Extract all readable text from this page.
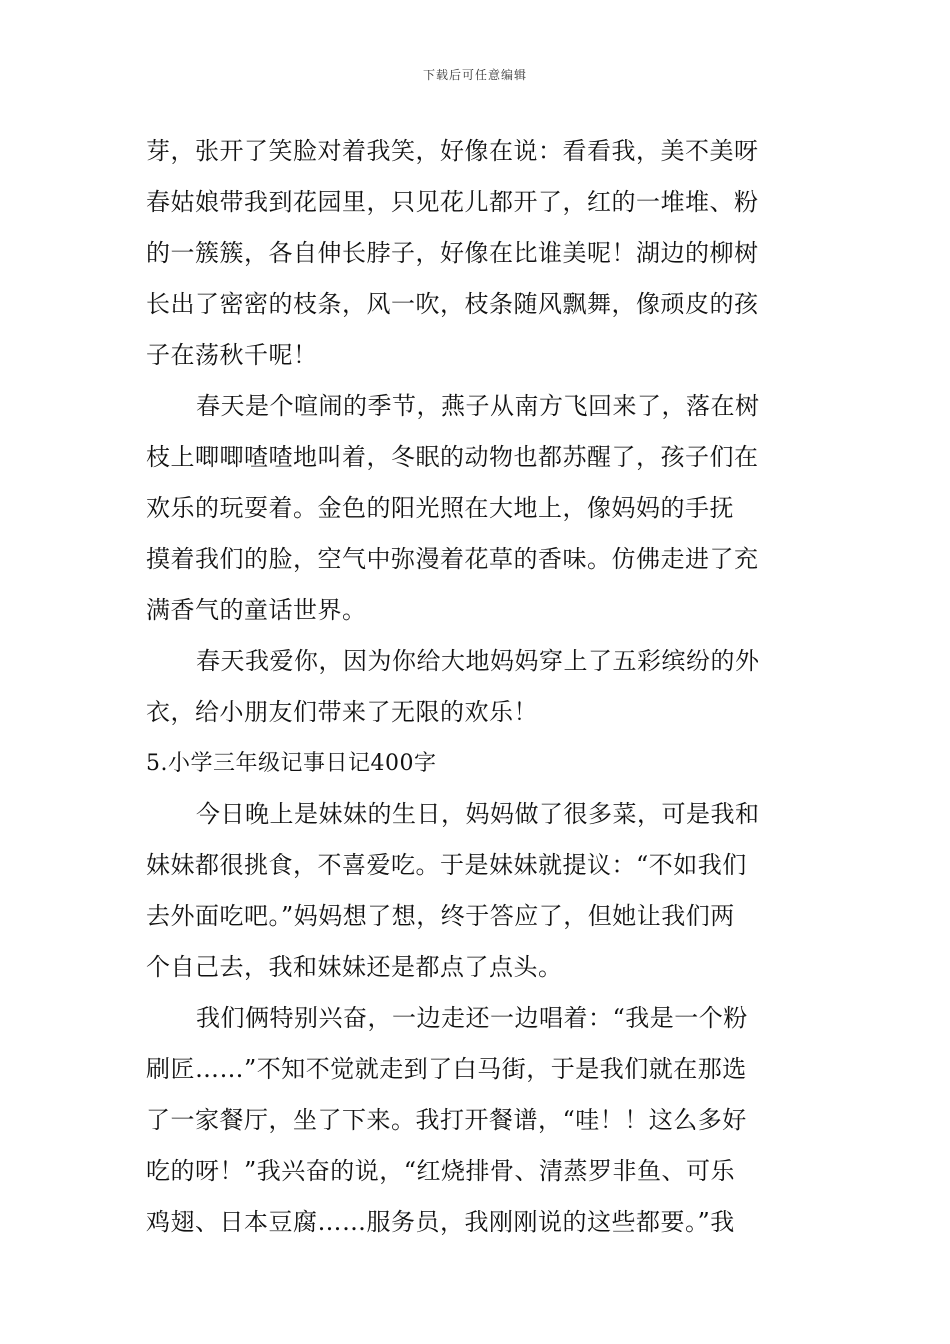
下载后可任意编辑
芽，张开了笑脸对着我笑，好像在说：看看我，美不美呀
春姑娘带我到花园里，只见花儿都开了，红的一堆堆、粉
的一簇簇，各自伸长脖子，好像在比谁美呢！湖边的柳树
长出了密密的枝条，风一吹，枝条随风飘舞，像顽皮的孩
子在荡秋千呢！
春天是个喧闹的季节，燕子从南方飞回来了，落在树
枝上唧唧喳喳地叫着，冬眠的动物也都苏醒了，孩子们在
欢乐的玩耍着。金色的阳光照在大地上，像妈妈的手抚
摸着我们的脸，空气中弥漫着花草的香味。仿佛走进了充
满香气的童话世界。
春天我爱你，因为你给大地妈妈穿上了五彩缤纷的外
衣，给小朋友们带来了无限的欢乐！
5.小学三年级记事日记400字
今日晚上是妹妹的生日，妈妈做了很多菜，可是我和
妹妹都很挑食，不喜爱吃。于是妹妹就提议：“不如我们
去外面吃吧。”妈妈想了想，终于答应了，但她让我们两
个自己去，我和妹妹还是都点了点头。
我们俩特别兴奋，一边走还一边唱着：“我是一个粉
刷匠……”不知不觉就走到了白马街，于是我们就在那选
了一家餐厅，坐了下来。我打开餐谱，“哇！！这么多好
吃的呀！”我兴奋的说，“红烧排骨、清蒸罗非鱼、可乐
鸡翅、日本豆腐……服务员，我刚刚说的这些都要。”我
